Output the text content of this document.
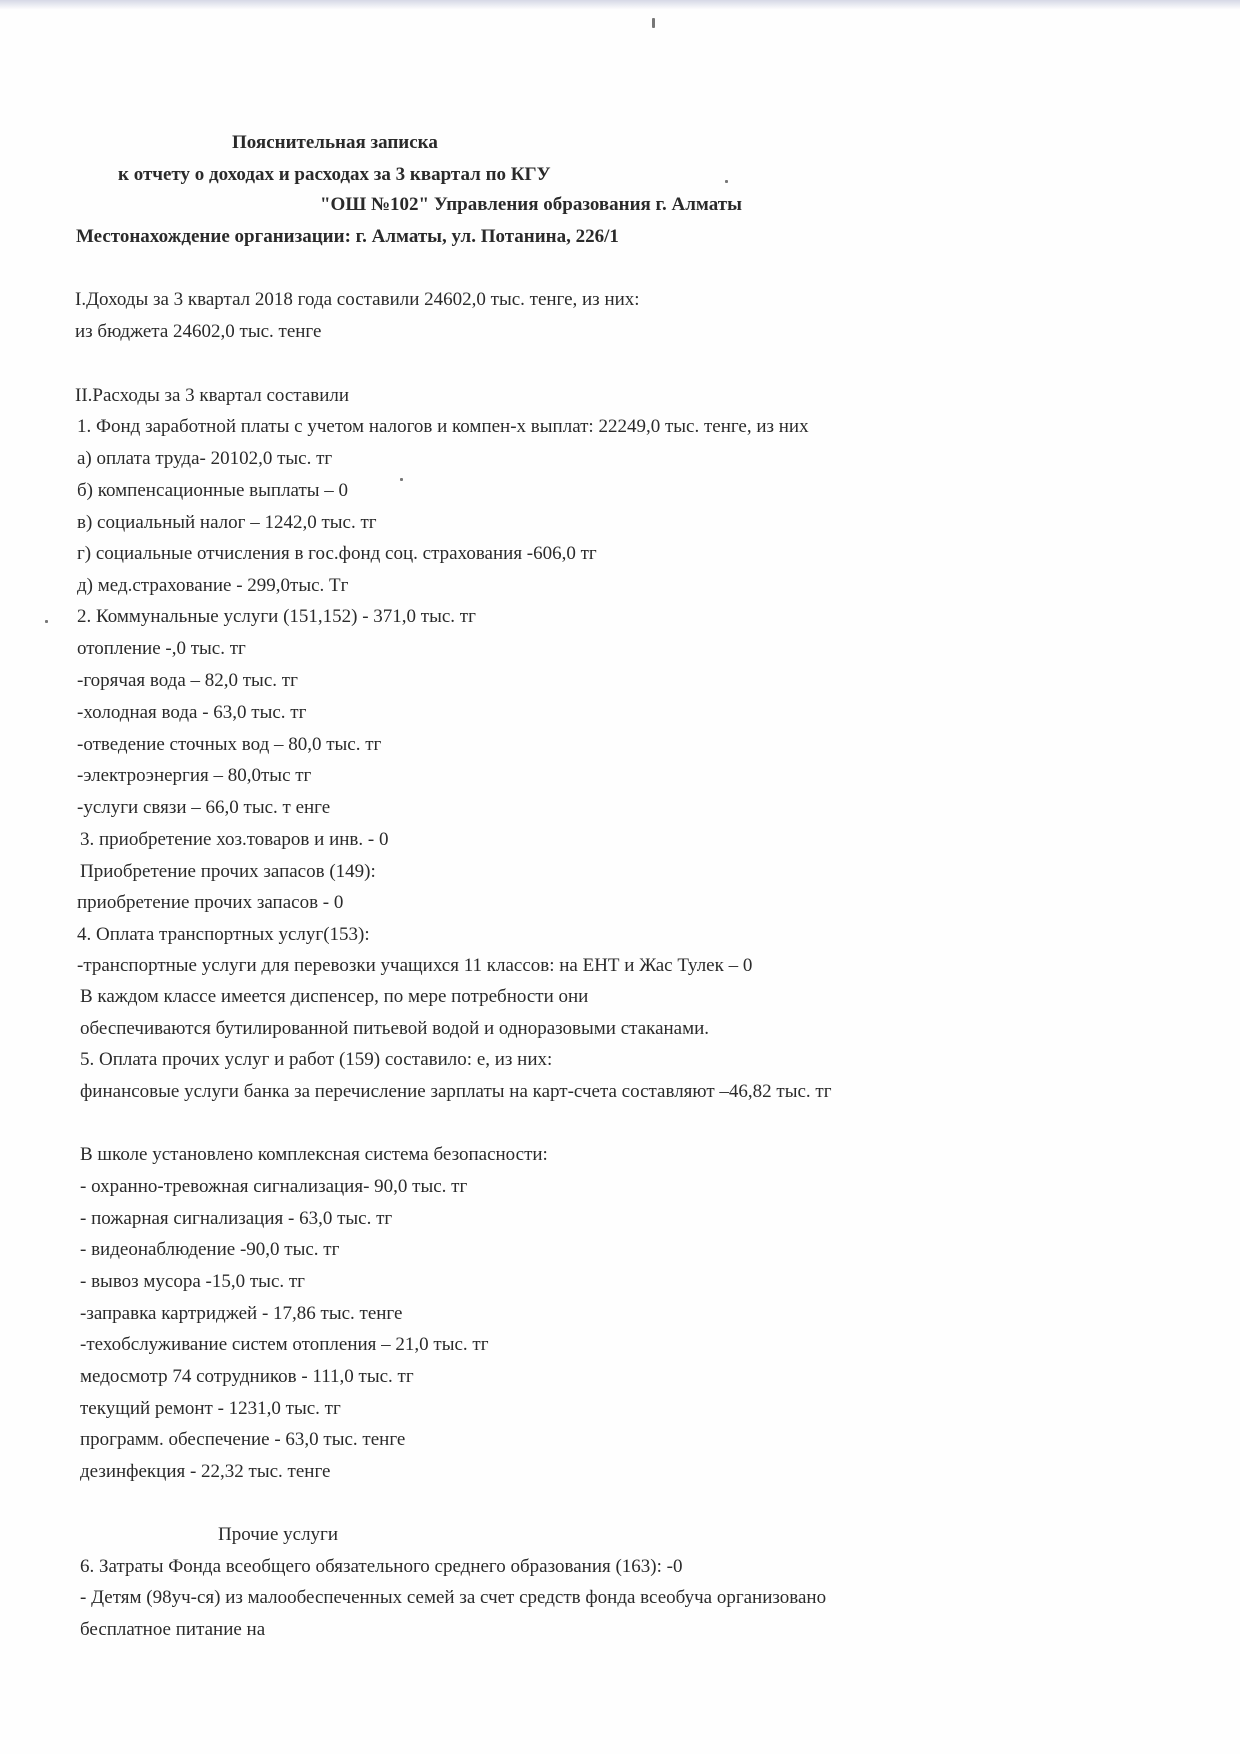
Пояснительная записка
к отчету о доходах и расходах за 3 квартал по КГУ
"ОШ №102" Управления образования г. Алматы
Местонахождение организации: г. Алматы, ул. Потанина, 226/1
I.Доходы за 3 квартал 2018 года составили 24602,0 тыс. тенге, из них:
из бюджета 24602,0 тыс. тенге
II.Расходы за 3 квартал составили
1. Фонд заработной платы с учетом налогов и компен-х выплат: 22249,0 тыс. тенге, из них
а) оплата труда- 20102,0 тыс. тг
б) компенсационные выплаты – 0
в) социальный налог – 1242,0 тыс. тг
г) социальные отчисления в гос.фонд соц. страхования -606,0 тг
д) мед.страхование - 299,0тыс. Тг
2. Коммунальные услуги (151,152) - 371,0 тыс. тг
отопление -,0 тыс. тг
-горячая вода – 82,0 тыс. тг
-холодная вода - 63,0 тыс. тг
-отведение сточных вод – 80,0 тыс. тг
-электроэнергия – 80,0тыс тг
-услуги связи – 66,0 тыс. т енге
3. приобретение хоз.товаров и инв. - 0
Приобретение прочих запасов (149):
приобретение прочих запасов - 0
4. Оплата транспортных услуг(153):
-транспортные услуги для перевозки учащихся 11 классов: на ЕНТ и Жас Тулек – 0
В каждом классе имеется диспенсер, по мере потребности они
обеспечиваются бутилированной питьевой водой и одноразовыми стаканами.
5. Оплата прочих услуг и работ (159) составило: е, из них:
финансовые услуги банка за перечисление зарплаты на карт-счета составляют –46,82 тыс. тг
В школе установлено комплексная система безопасности:
- охранно-тревожная сигнализация- 90,0 тыс. тг
- пожарная сигнализация - 63,0 тыс. тг
- видеонаблюдение -90,0 тыс. тг
- вывоз мусора -15,0 тыс. тг
-заправка картриджей - 17,86 тыс. тенге
-техобслуживание систем отопления – 21,0 тыс. тг
медосмотр 74 сотрудников - 111,0 тыс. тг
текущий ремонт - 1231,0 тыс. тг
программ. обеспечение - 63,0 тыс. тенге
дезинфекция - 22,32 тыс. тенге
Прочие услуги
6. Затраты Фонда всеобщего обязательного среднего образования (163): -0
- Детям (98уч-ся) из малообеспеченных семей за счет средств фонда всеобуча организовано
бесплатное питание на
